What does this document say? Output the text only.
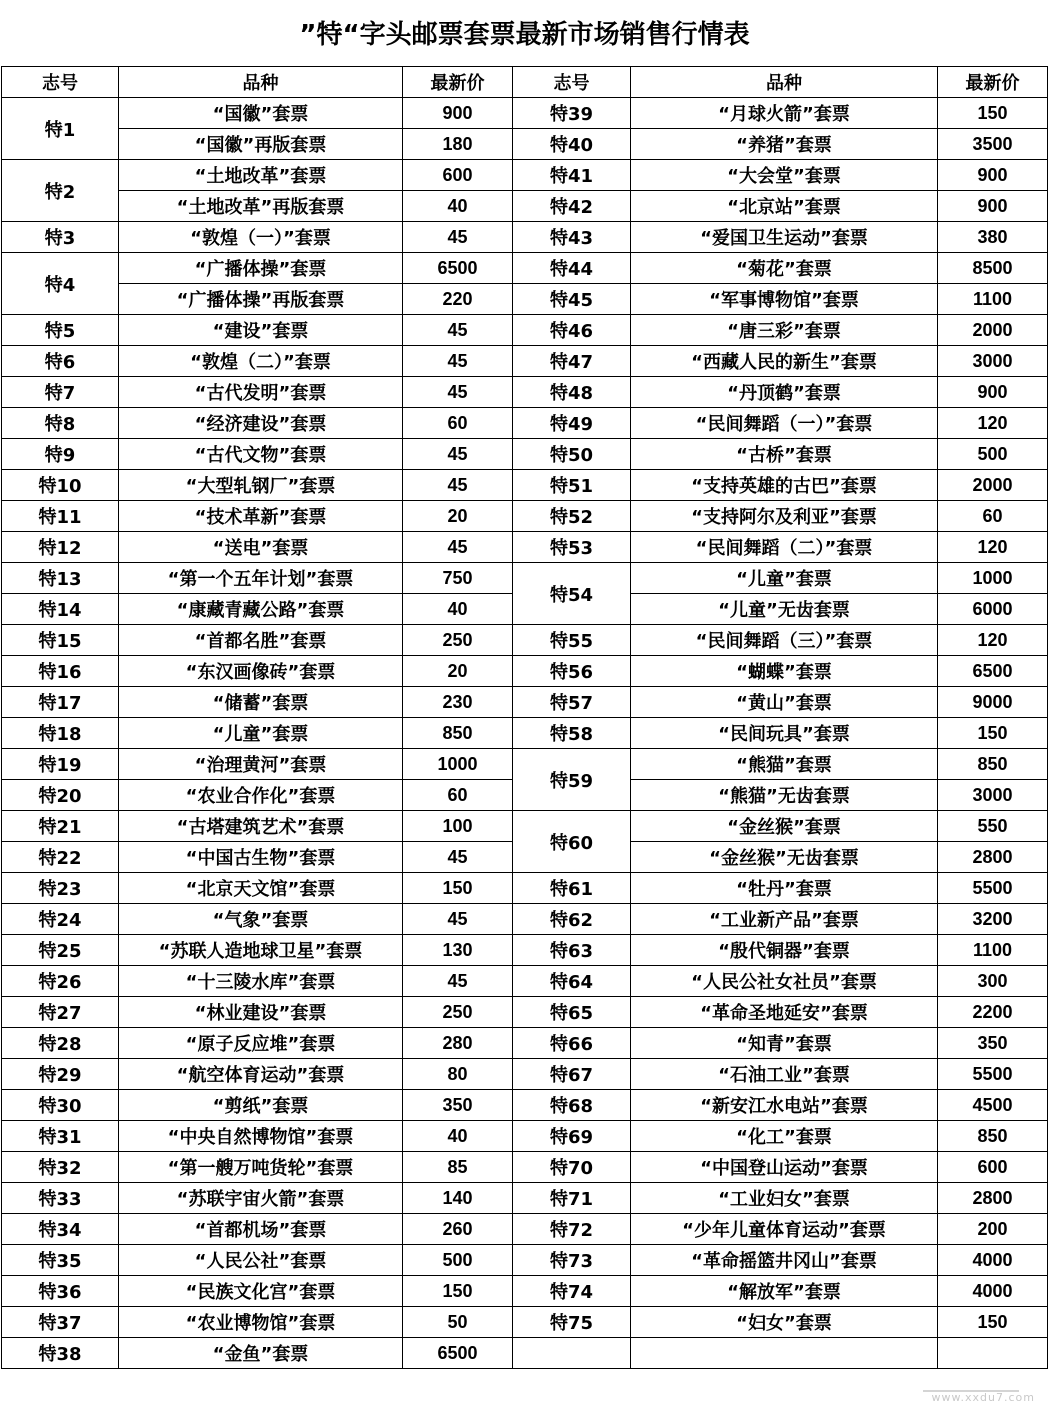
”特“字头邮票套票最新市场销售行情表
志号	品种	最新价	志号	品种	最新价
特1	“国徽”套票	900	特39	“月球火箭”套票	150
	“国徽”再版套票	180	特40	“养猪”套票	3500
特2	“土地改革”套票	600	特41	“大会堂”套票	900
	“土地改革”再版套票	40	特42	“北京站”套票	900
特3	“敦煌（一）”套票	45	特43	“爱国卫生运动”套票	380
特4	“广播体操”套票	6500	特44	“菊花”套票	8500
	“广播体操”再版套票	220	特45	“军事博物馆”套票	1100
特5	“建设”套票	45	特46	“唐三彩”套票	2000
特6	“敦煌（二）”套票	45	特47	“西藏人民的新生”套票	3000
特7	“古代发明”套票	45	特48	“丹顶鹤”套票	900
特8	“经济建设”套票	60	特49	“民间舞蹈（一）”套票	120
特9	“古代文物”套票	45	特50	“古桥”套票	500
特10	“大型轧钢厂”套票	45	特51	“支持英雄的古巴”套票	2000
特11	“技术革新”套票	20	特52	“支持阿尔及利亚”套票	60
特12	“送电”套票	45	特53	“民间舞蹈（二）”套票	120
特13	“第一个五年计划”套票	750	特54	“儿童”套票	1000
特14	“康藏青藏公路”套票	40		“儿童”无齿套票	6000
特15	“首都名胜”套票	250	特55	“民间舞蹈（三）”套票	120
特16	“东汉画像砖”套票	20	特56	“蝴蝶”套票	6500
特17	“储蓄”套票	230	特57	“黄山”套票	9000
特18	“儿童”套票	850	特58	“民间玩具”套票	150
特19	“治理黄河”套票	1000	特59	“熊猫”套票	850
特20	“农业合作化”套票	60		“熊猫”无齿套票	3000
特21	“古塔建筑艺术”套票	100	特60	“金丝猴”套票	550
特22	“中国古生物”套票	45		“金丝猴”无齿套票	2800
特23	“北京天文馆”套票	150	特61	“牡丹”套票	5500
特24	“气象”套票	45	特62	“工业新产品”套票	3200
特25	“苏联人造地球卫星”套票	130	特63	“殷代铜器”套票	1100
特26	“十三陵水库”套票	45	特64	“人民公社女社员”套票	300
特27	“林业建设”套票	250	特65	“革命圣地延安”套票	2200
特28	“原子反应堆”套票	280	特66	“知青”套票	350
特29	“航空体育运动”套票	80	特67	“石油工业”套票	5500
特30	“剪纸”套票	350	特68	“新安江水电站”套票	4500
特31	“中央自然博物馆”套票	40	特69	“化工”套票	850
特32	“第一艘万吨货轮”套票	85	特70	“中国登山运动”套票	600
特33	“苏联宇宙火箭”套票	140	特71	“工业妇女”套票	2800
特34	“首都机场”套票	260	特72	“少年儿童体育运动”套票	200
特35	“人民公社”套票	500	特73	“革命摇篮井冈山”套票	4000
特36	“民族文化宫”套票	150	特74	“解放军”套票	4000
特37	“农业博物馆”套票	50	特75	“妇女”套票	150
特38	“金鱼”套票	6500			
www.xxdu7.com
